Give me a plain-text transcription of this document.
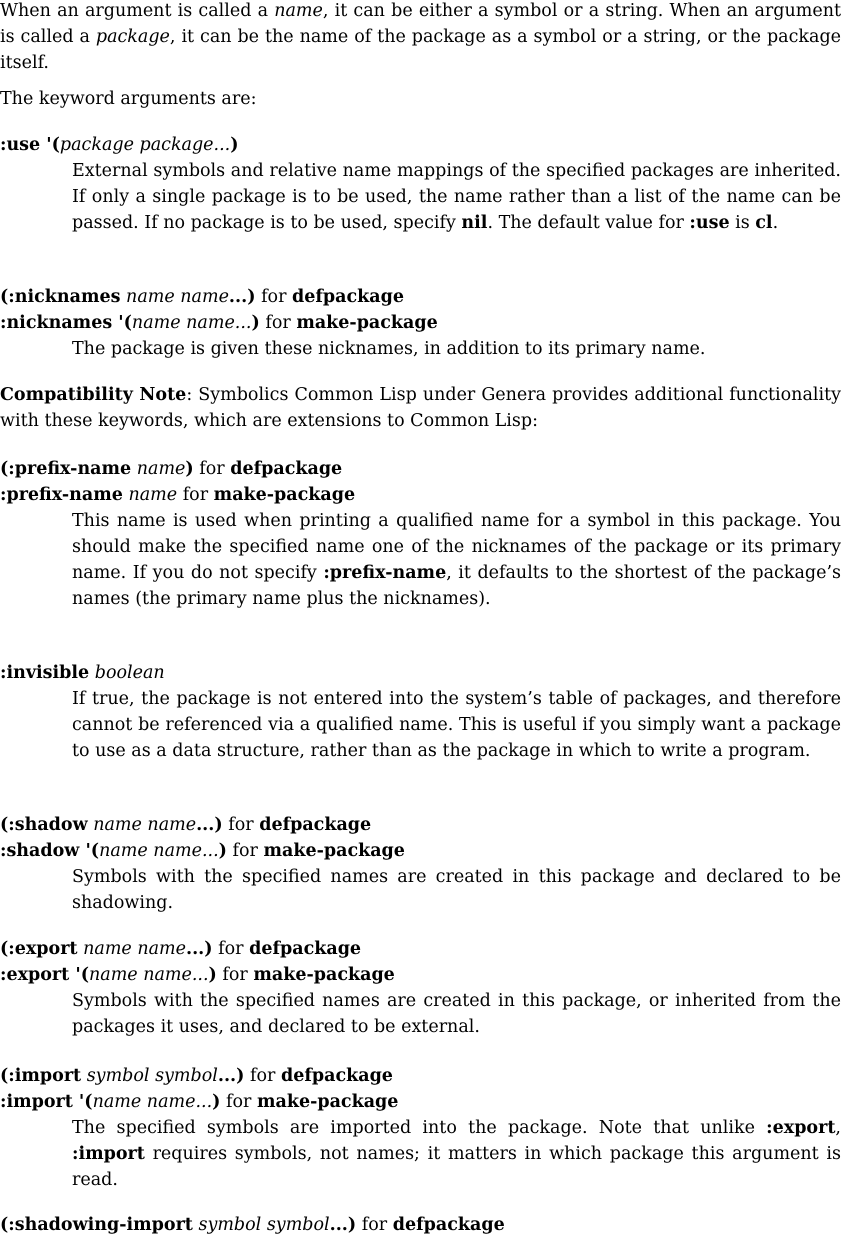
When an argument is called a name, it can be either a symbol or a string. When an argument is called a package, it can be the name of the package as a symbol or a string, or the package itself.

The keyword arguments are:

:use '(package package...)

External symbols and relative name mappings of the specified packages are inherited. If only a single package is to be used, the name rather than a list of the name can be passed. If no package is to be used, specify nil. The default value for :use is cl.

(:nicknames name name...) for defpackage

:nicknames '(name name...) for make-package

The package is given these nicknames, in addition to its primary name.

Compatibility Note: Symbolics Common Lisp under Genera provides additional functionality with these keywords, which are extensions to Common Lisp:

(:prefix-name name) for defpackage

:prefix-name name for make-package

This name is used when printing a qualified name for a symbol in this package. You should make the specified name one of the nicknames of the package or its primary name. If you do not specify :prefix-name, it defaults to the shortest of the package’s names (the primary name plus the nicknames).

:invisible boolean

If true, the package is not entered into the system’s table of packages, and therefore cannot be referenced via a qualified name. This is useful if you simply want a package to use as a data structure, rather than as the package in which to write a program.

(:shadow name name...) for defpackage

:shadow '(name name...) for make-package

Symbols with the specified names are created in this package and declared to be shadowing.

(:export name name...) for defpackage

:export '(name name...) for make-package

Symbols with the specified names are created in this package, or inherited from the packages it uses, and declared to be external.

(:import symbol symbol...) for defpackage

:import '(name name...) for make-package

The specified symbols are imported into the package. Note that unlike :export, :import requires symbols, not names; it matters in which package this argument is read.

(:shadowing-import symbol symbol...) for defpackage
